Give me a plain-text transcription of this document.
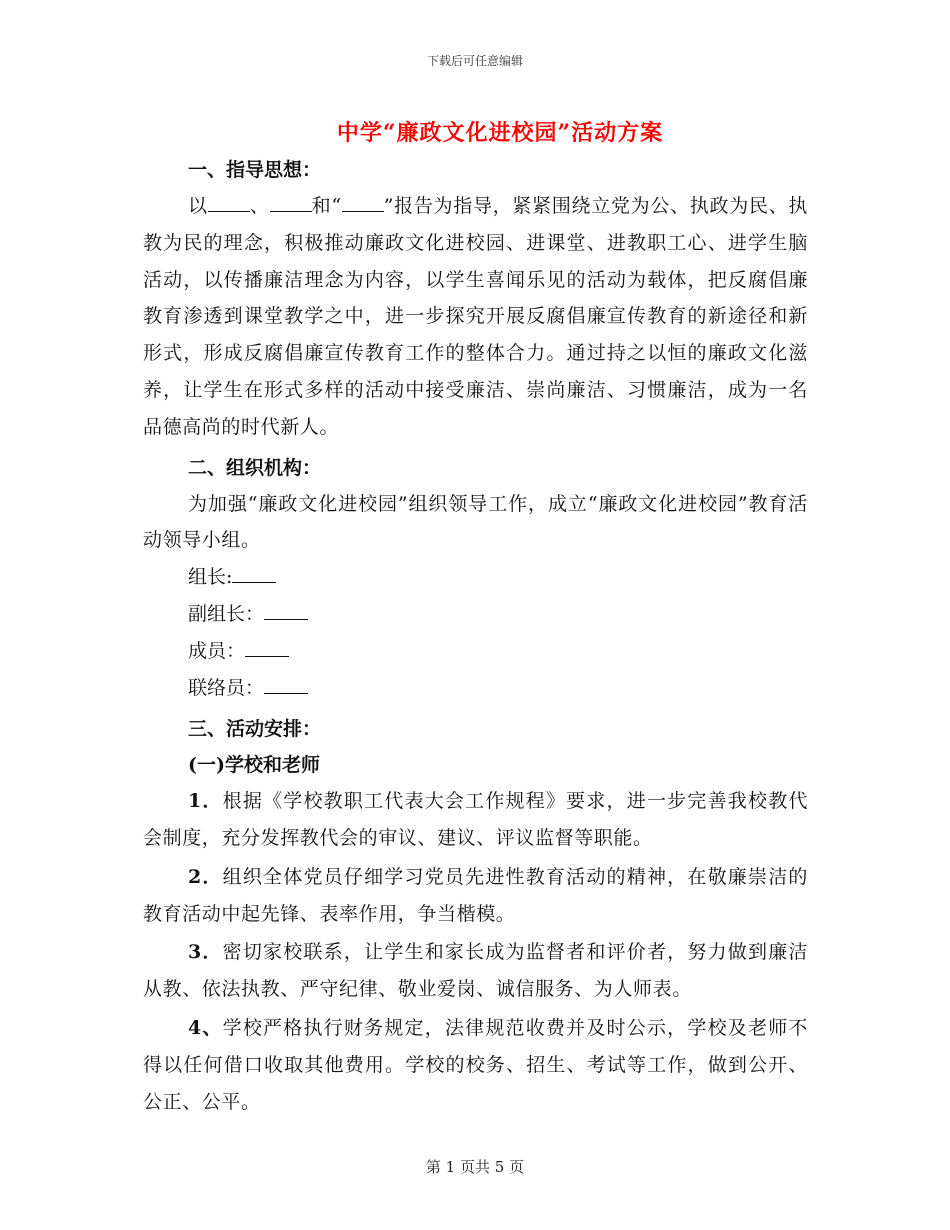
下载后可任意编辑
中学“廉政文化进校园”活动方案
一、指导思想：

以 、 和“ ”报告为指导，紧紧围绕立党为公、执政为民、执教为民的理念，积极推动廉政文化进校园、进课堂、进教职工心、进学生脑活动，以传播廉洁理念为内容，以学生喜闻乐见的活动为载体，把反腐倡廉教育渗透到课堂教学之中，进一步探究开展反腐倡廉宣传教育的新途径和新形式，形成反腐倡廉宣传教育工作的整体合力。通过持之以恒的廉政文化滋养，让学生在形式多样的活动中接受廉洁、崇尚廉洁、习惯廉洁，成为一名品德高尚的时代新人。

二、组织机构：

为加强“廉政文化进校园”组织领导工作，成立“廉政文化进校园”教育活动领导小组。

组长:
副组长：
成员：
联络员：
三、活动安排：
(一)学校和老师

1．根据《学校教职工代表大会工作规程》要求，进一步完善我校教代会制度，充分发挥教代会的审议、建议、评议监督等职能。

2．组织全体党员仔细学习党员先进性教育活动的精神，在敬廉崇洁的教育活动中起先锋、表率作用，争当楷模。

3．密切家校联系，让学生和家长成为监督者和评价者，努力做到廉洁从教、依法执教、严守纪律、敬业爱岗、诚信服务、为人师表。

4、学校严格执行财务规定，法律规范收费并及时公示，学校及老师不得以任何借口收取其他费用。学校的校务、招生、考试等工作，做到公开、公正、公平。

第 1 页共 5 页
